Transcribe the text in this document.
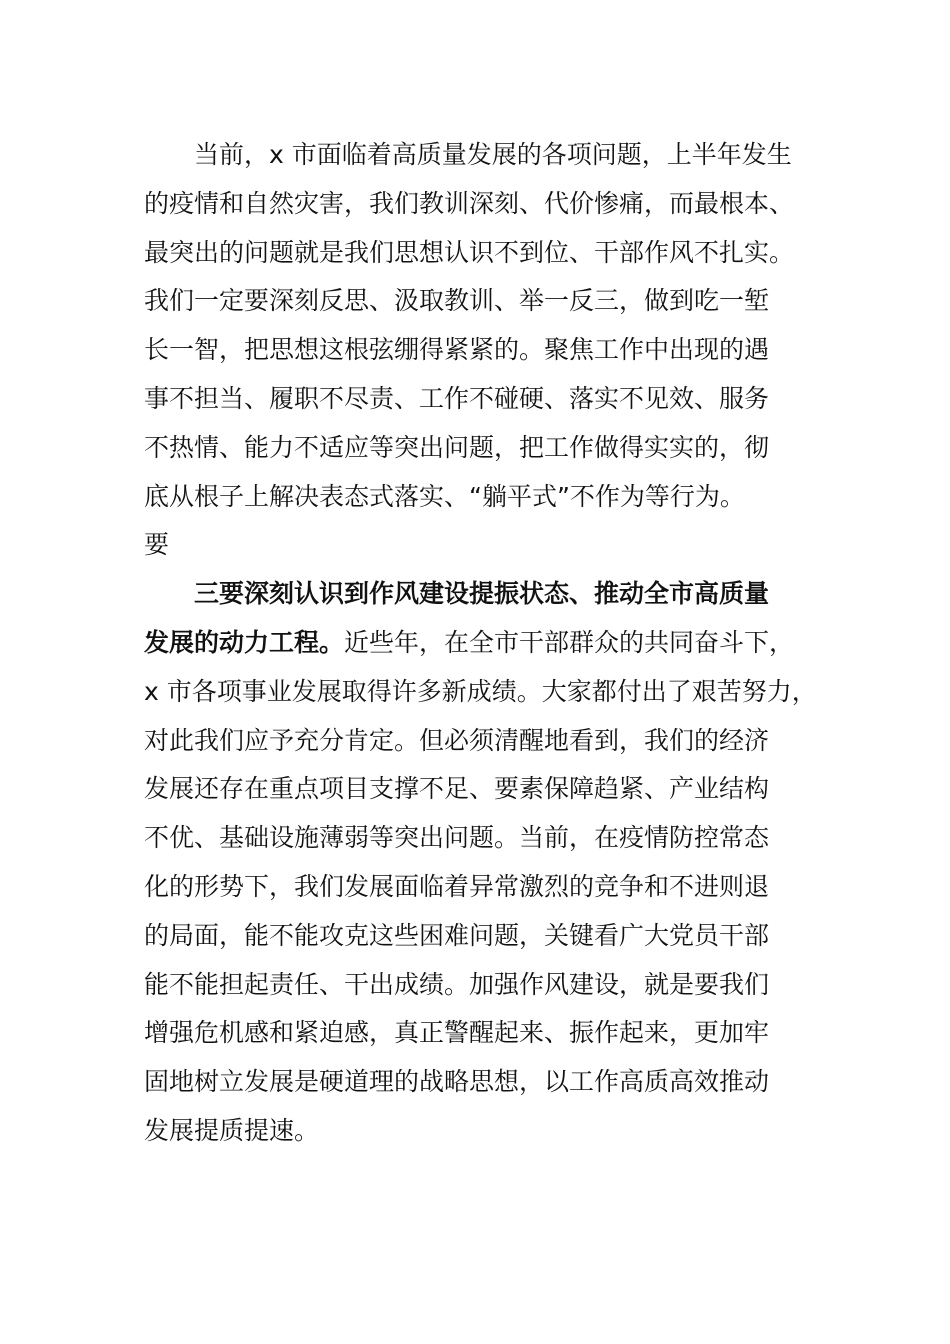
当前，x 市面临着高质量发展的各项问题，上半年发生
的疫情和自然灾害，我们教训深刻、代价惨痛，而最根本、
最突出的问题就是我们思想认识不到位、干部作风不扎实。
我们一定要深刻反思、汲取教训、举一反三，做到吃一堑
长一智，把思想这根弦绷得紧紧的。聚焦工作中出现的遇
事不担当、履职不尽责、工作不碰硬、落实不见效、服务
不热情、能力不适应等突出问题，把工作做得实实的，彻
底从根子上解决表态式落实、“躺平式”不作为等行为。
要
三要深刻认识到作风建设提振状态、推动全市高质量
发展的动力工程。近些年，在全市干部群众的共同奋斗下，
x 市各项事业发展取得许多新成绩。大家都付出了艰苦努力，
对此我们应予充分肯定。但必须清醒地看到，我们的经济
发展还存在重点项目支撑不足、要素保障趋紧、产业结构
不优、基础设施薄弱等突出问题。当前，在疫情防控常态
化的形势下，我们发展面临着异常激烈的竞争和不进则退
的局面，能不能攻克这些困难问题，关键看广大党员干部
能不能担起责任、干出成绩。加强作风建设，就是要我们
增强危机感和紧迫感，真正警醒起来、振作起来，更加牢
固地树立发展是硬道理的战略思想，以工作高质高效推动
发展提质提速。
